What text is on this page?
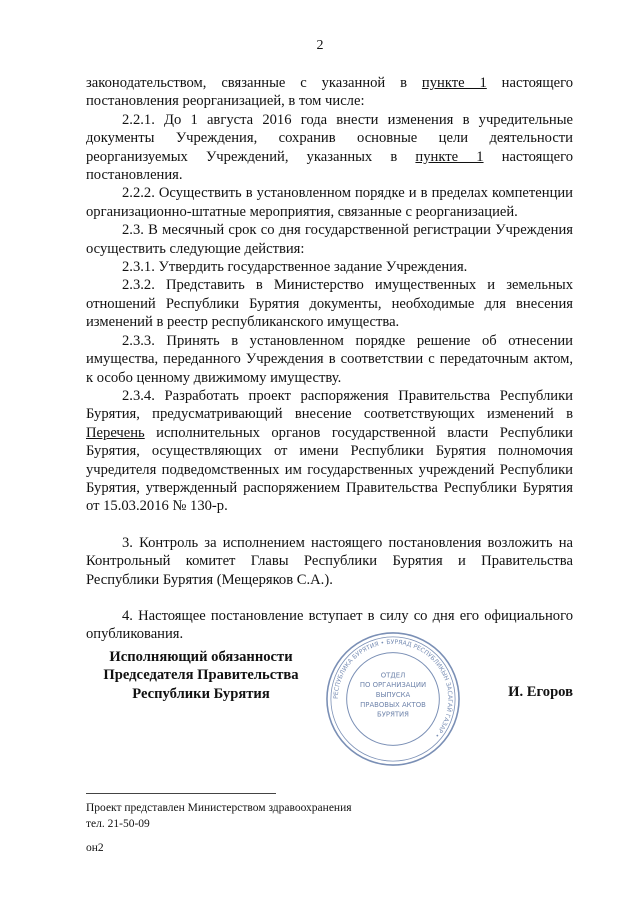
2

законодательством, связанные с указанной в пункте 1 настоящего постановления реорганизацией, в том числе:

2.2.1. До 1 августа 2016 года внести изменения в учредительные документы Учреждения, сохранив основные цели деятельности реорганизуемых Учреждений, указанных в пункте 1 настоящего постановления.

2.2.2. Осуществить в установленном порядке и в пределах компетенции организационно-штатные мероприятия, связанные с реорганизацией.

2.3. В месячный срок со дня государственной регистрации Учреждения осуществить следующие действия:

2.3.1. Утвердить государственное задание Учреждения.

2.3.2. Представить в Министерство имущественных и земельных отношений Республики Бурятия документы, необходимые для внесения изменений в реестр республиканского имущества.

2.3.3. Принять в установленном порядке решение об отнесении имущества, переданного Учреждения в соответствии с передаточным актом, к особо ценному движимому имуществу.

2.3.4. Разработать проект распоряжения Правительства Республики Бурятия, предусматривающий внесение соответствующих изменений в Перечень исполнительных органов государственной власти Республики Бурятия, осуществляющих от имени Республики Бурятия полномочия учредителя подведомственных им государственных учреждений Республики Бурятия, утвержденный распоряжением Правительства Республики Бурятия от 15.03.2016 № 130-р.

3. Контроль за исполнением настоящего постановления возложить на Контрольный комитет Главы Республики Бурятия и Правительства Республики Бурятия (Мещеряков С.А.).

4. Настоящее постановление вступает в силу со дня его официального опубликования.

Исполняющий обязанности
Председателя Правительства
Республики Бурятия	РЕСПУБЛИКА БУРЯТИЯ • БУРЯАД РЕСПУБЛИКЫН ЗАСАГАЙ ГАЗАР •
ОТДЕЛ
ПО ОРГАНИЗАЦИИ
ВЫПУСКА
ПРАВОВЫХ АКТОВ
БУРЯТИЯ
И. Егоров
Проект представлен Министерством здравоохранения
тел. 21-50-09
он2
